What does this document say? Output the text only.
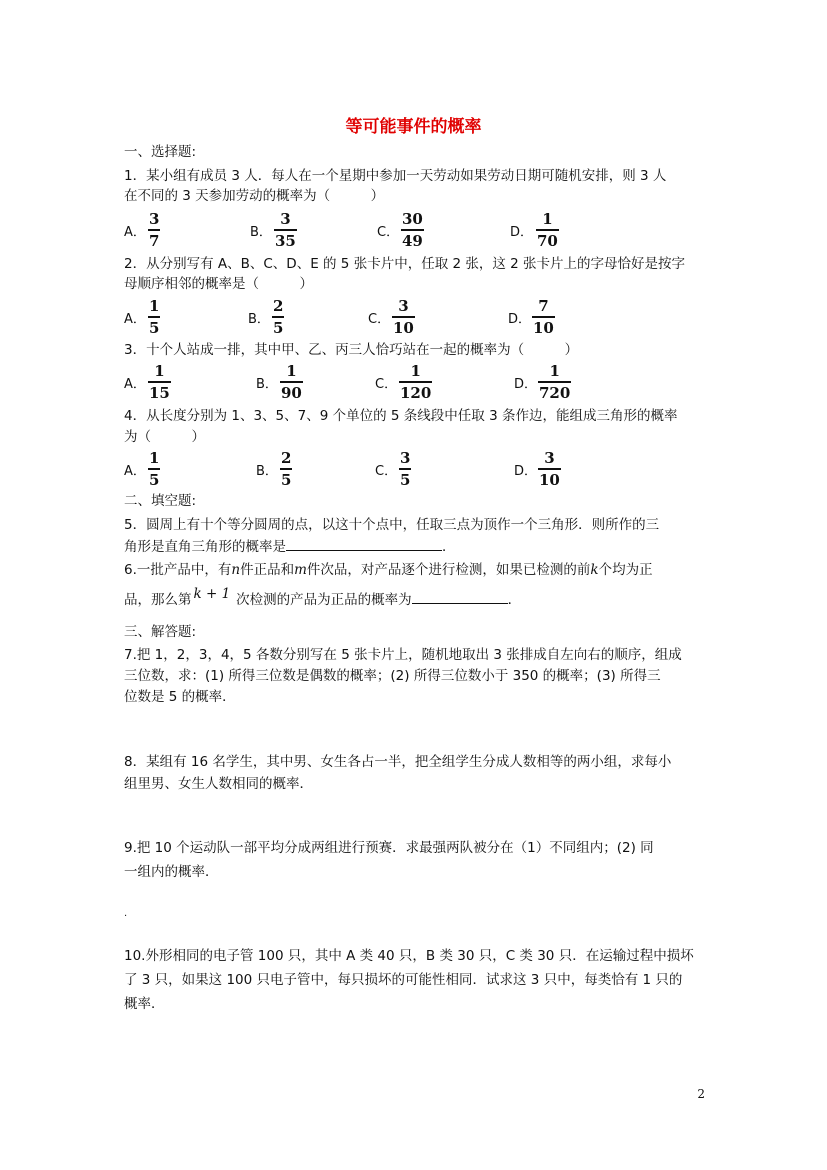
等可能事件的概率
一、选择题:
1．某小组有成员 3 人．每人在一个星期中参加一天劳动如果劳动日期可随机安排，则 3 人
在不同的 3 天参加劳动的概率为（　　　）
A．
3
7	B．
3
35	C．
30
49	D．
1
70
2．从分别写有 A、B、C、D、E 的 5 张卡片中，任取 2 张，这 2 张卡片上的字母恰好是按字
母顺序相邻的概率是（　　　）
A．
1
5	B．
2
5	C．
3
10	D．
7
10
3．十个人站成一排，其中甲、乙、丙三人恰巧站在一起的概率为（　　　）
A．
1
15	B．
1
90	C．
1
120	D．
1
720
4．从长度分别为 1、3、5、7、9 个单位的 5 条线段中任取 3 条作边，能组成三角形的概率
为（　　　）
A．
1
5	B．
2
5	C．
3
5	D．
3
10
二、填空题:
5．圆周上有十个等分圆周的点，以这十个点中，任取三点为顶作一个三角形．则所作的三
角形是直角三角形的概率是	．
6.一批产品中，有n件正品和m件次品，对产品逐个进行检测，如果已检测的前k个均为正
品，那么第 k + 1 次检测的产品为正品的概率为	．
三、解答题:
7.把 1，2，3，4，5 各数分别写在 5 张卡片上，随机地取出 3 张排成自左向右的顺序，组成
三位数，求：(1) 所得三位数是偶数的概率；(2) 所得三位数小于 350 的概率；(3) 所得三
位数是 5 的概率．
8．某组有 16 名学生，其中男、女生各占一半，把全组学生分成人数相等的两小组，求每小
组里男、女生人数相同的概率．
9.把 10 个运动队一部平均分成两组进行预赛．求最强两队被分在（1）不同组内；(2) 同
一组内的概率．
.
10.外形相同的电子管 100 只，其中 A 类 40 只，B 类 30 只，C 类 30 只．在运输过程中损坏
了 3 只，如果这 100 只电子管中，每只损坏的可能性相同．试求这 3 只中，每类恰有 1 只的
概率．
2
